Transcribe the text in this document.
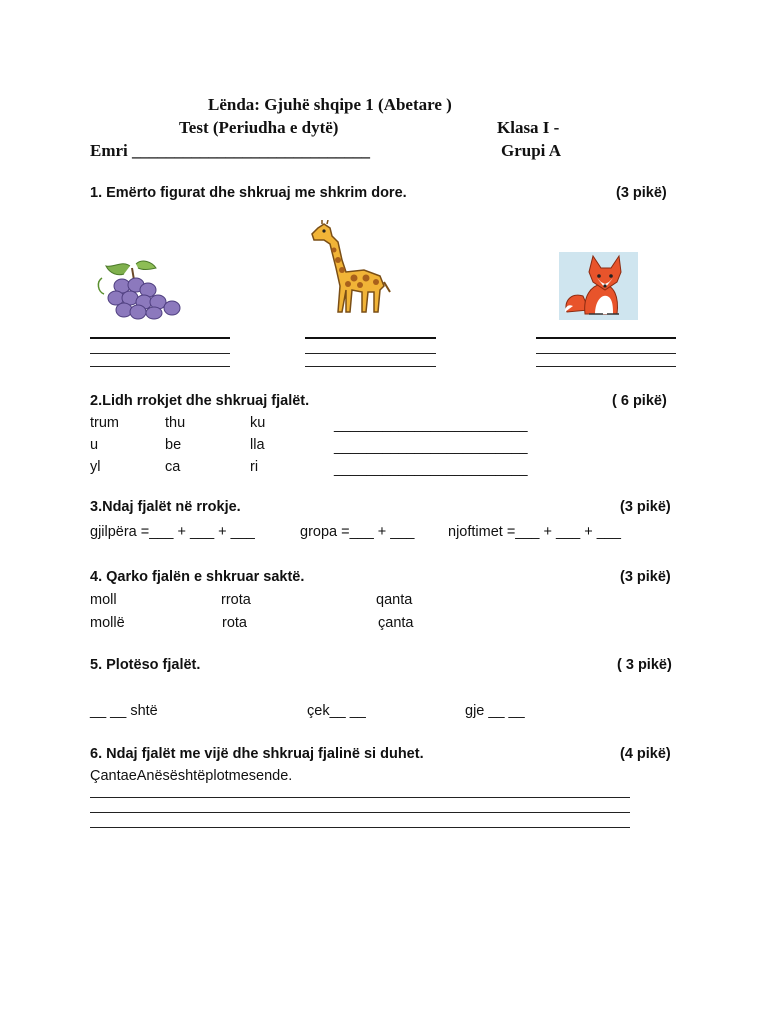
Lënda: Gjuhë shqipe 1 (Abetare )
Test (Periudha e dytë)	Klasa I -
Emri ____________________________	Grupi A
1. Emërto figurat dhe shkruaj me shkrim dore.	(3 pikë)
2.Lidh rrokjet dhe shkruaj fjalët.	( 6 pikë)
trum	thu	ku	________________________
u	be	lla	________________________
yl	ca	ri	________________________
3.Ndaj fjalët në rrokje.	(3 pikë)
gjilpëra =___ + ___ + ___	gropa =___ + ___ njoftimet =___ + ___ + ___
4. Qarko fjalën e shkruar saktë.	(3 pikë)
moll	rrota	qanta
mollë	rota	çanta
5. Plotëso fjalët.	( 3 pikë)
__ __ shtë	çek__ __	gje __ __
6. Ndaj fjalët me vijë dhe shkruaj fjalinë si duhet.	(4 pikë)
ÇantaeAnësështëplotmesende.
